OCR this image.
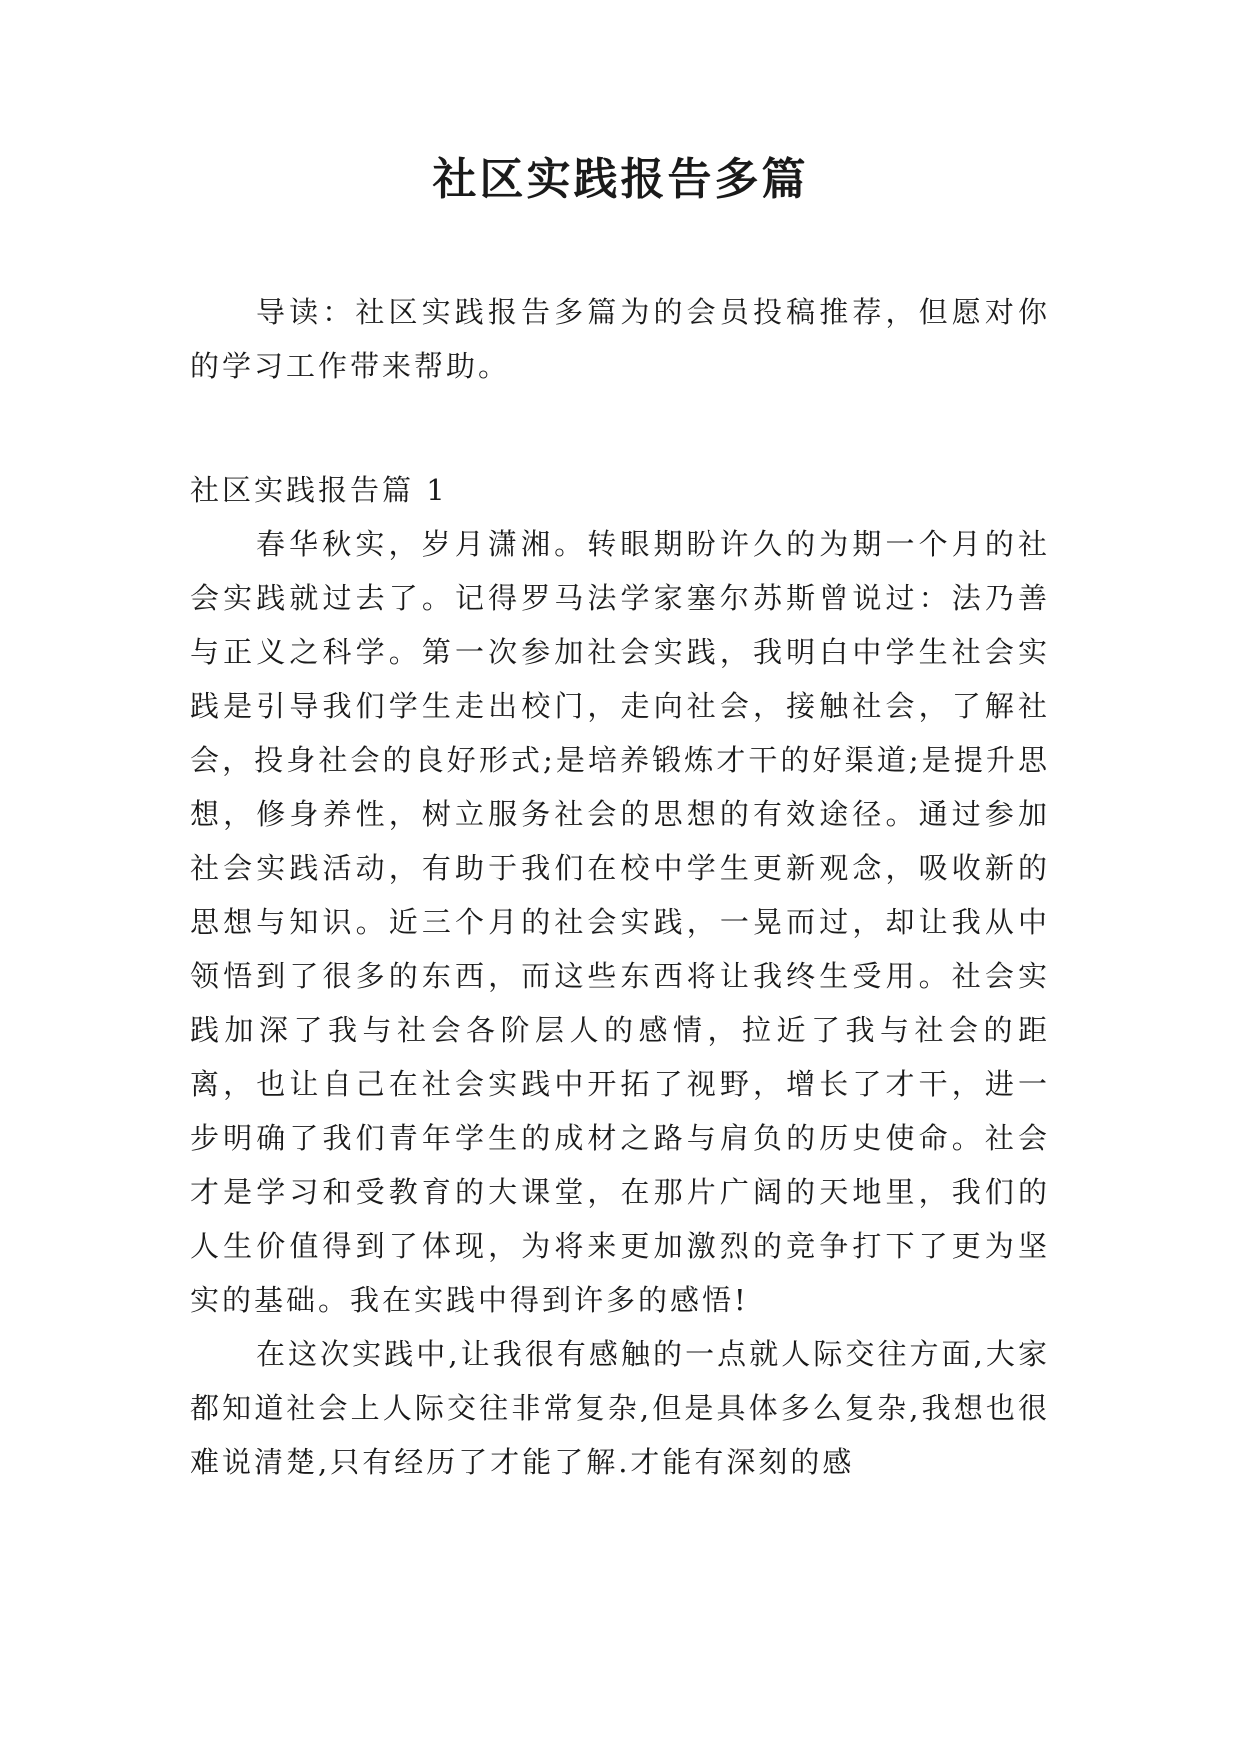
社区实践报告多篇

导读：社区实践报告多篇为的会员投稿推荐，但愿对你的学习工作带来帮助。

社区实践报告篇 1

春华秋实，岁月潇湘。转眼期盼许久的为期一个月的社会实践就过去了。记得罗马法学家塞尔苏斯曾说过：法乃善与正义之科学。第一次参加社会实践，我明白中学生社会实践是引导我们学生走出校门，走向社会，接触社会，了解社会，投身社会的良好形式;是培养锻炼才干的好渠道;是提升思想，修身养性，树立服务社会的思想的有效途径。通过参加社会实践活动，有助于我们在校中学生更新观念，吸收新的思想与知识。近三个月的社会实践，一晃而过，却让我从中领悟到了很多的东西，而这些东西将让我终生受用。社会实践加深了我与社会各阶层人的感情，拉近了我与社会的距离，也让自己在社会实践中开拓了视野，增长了才干，进一步明确了我们青年学生的成材之路与肩负的历史使命。社会才是学习和受教育的大课堂，在那片广阔的天地里，我们的人生价值得到了体现，为将来更加激烈的竞争打下了更为坚实的基础。我在实践中得到许多的感悟!

在这次实践中,让我很有感触的一点就人际交往方面,大家都知道社会上人际交往非常复杂,但是具体多么复杂,我想也很难说清楚,只有经历了才能了解.才能有深刻的感
